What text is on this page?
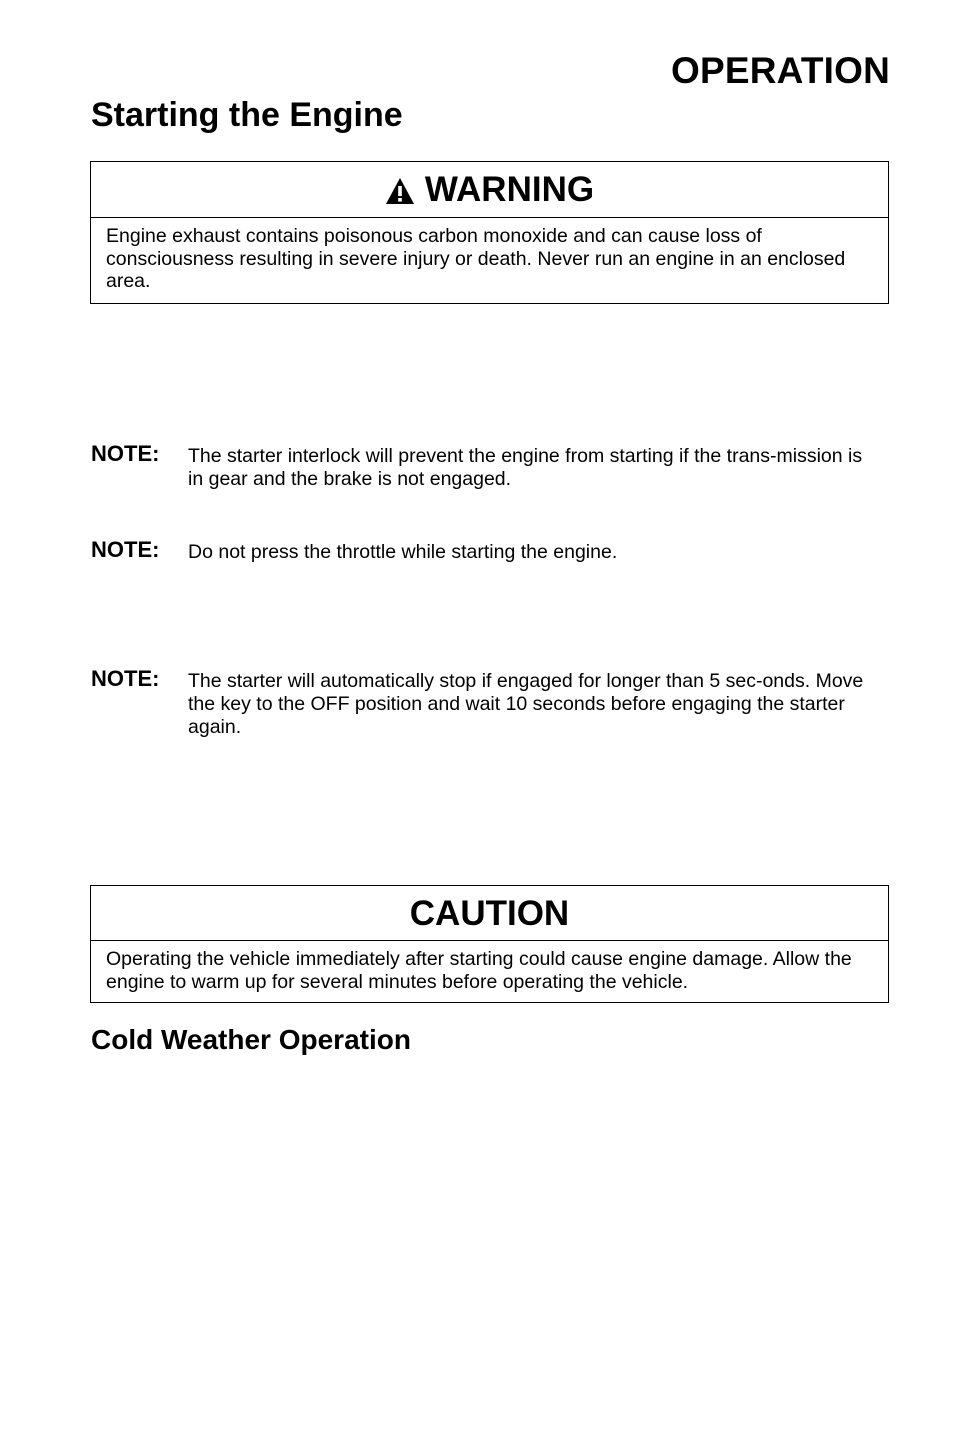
OPERATION
Starting the Engine
WARNING
Engine exhaust contains poisonous carbon monoxide and can cause loss of consciousness resulting in severe injury or death. Never run an engine in an enclosed area.
NOTE: The starter interlock will prevent the engine from starting if the trans-mission is in gear and the brake is not engaged.
NOTE: Do not press the throttle while starting the engine.
NOTE: The starter will automatically stop if engaged for longer than 5 sec-onds. Move the key to the OFF position and wait 10 seconds before engaging the starter again.
CAUTION
Operating the vehicle immediately after starting could cause engine damage. Allow the engine to warm up for several minutes before operating the vehicle.
Cold Weather Operation
